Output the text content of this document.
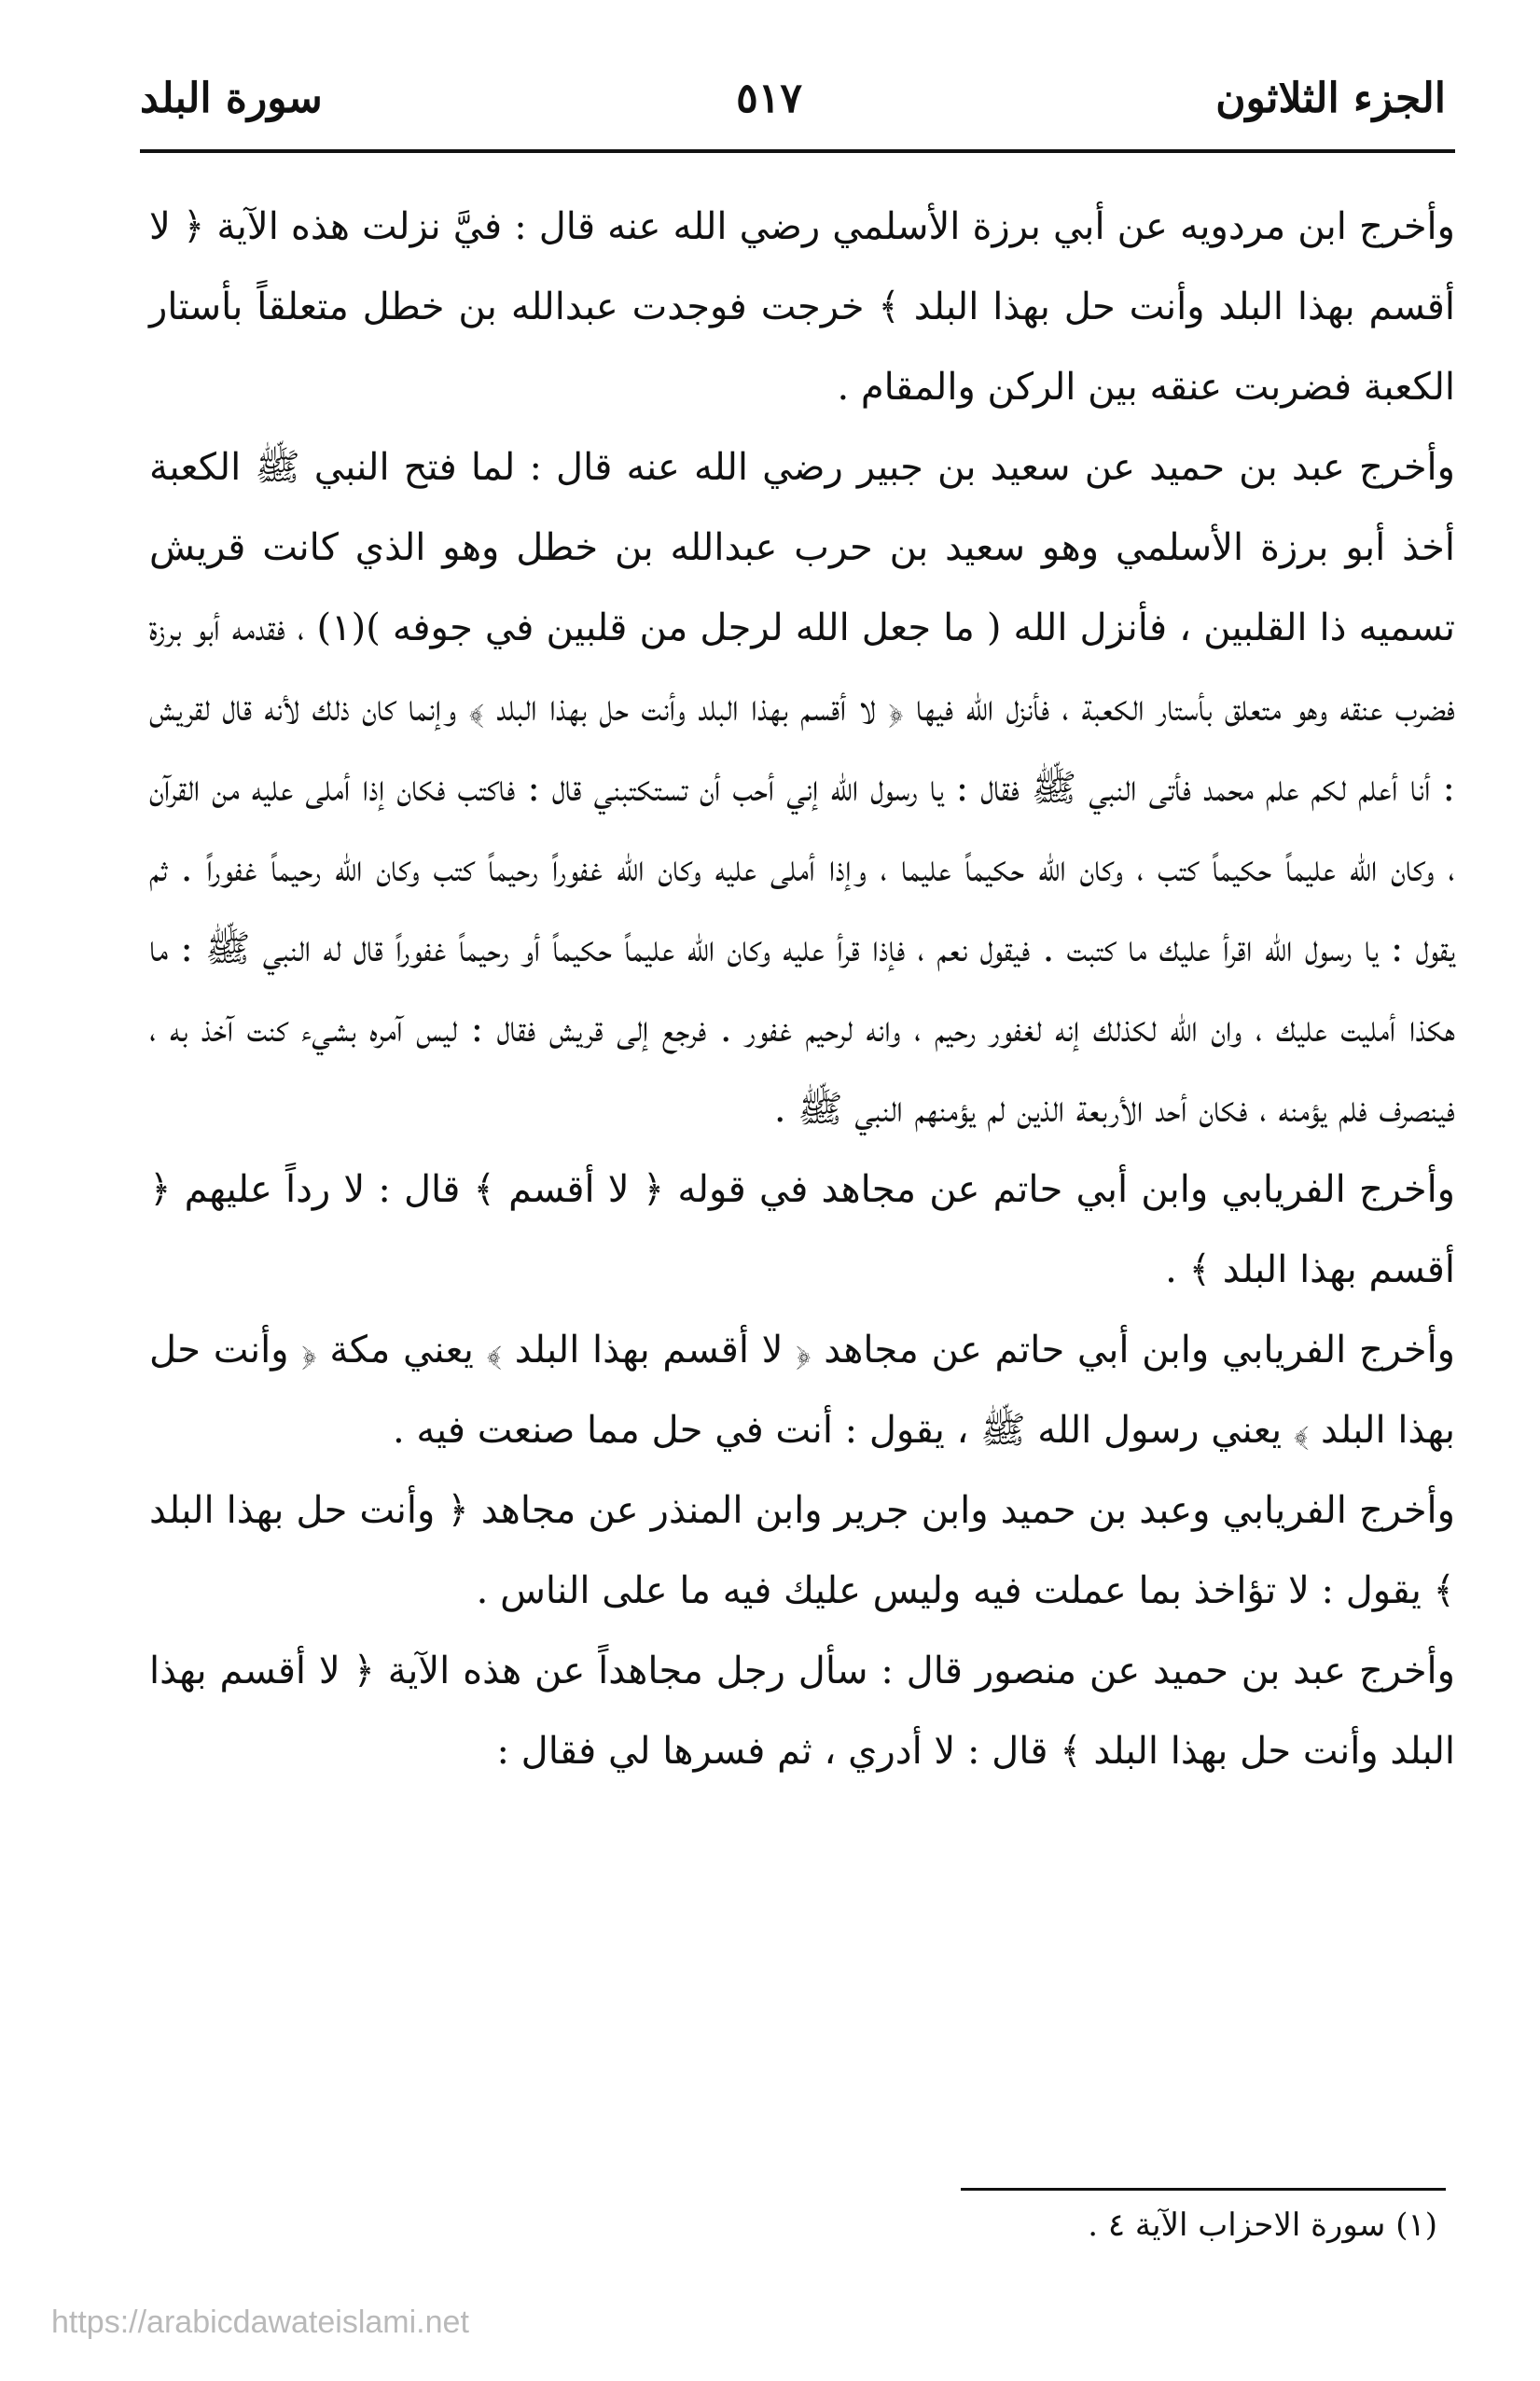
الجزء الثلاثون
٥١٧
سورة البلد

وأخرج ابن مردويه عن أبي برزة الأسلمي رضي الله عنه قال : فيَّ نزلت هذه الآية ﴿ لا أقسم بهذا البلد وأنت حل بهذا البلد ﴾ خرجت فوجدت عبدالله بن خطل متعلقاً بأستار الكعبة فضربت عنقه بين الركن والمقام .

وأخرج عبد بن حميد عن سعيد بن جبير رضي الله عنه قال : لما فتح النبي ﷺ الكعبة أخذ أبو برزة الأسلمي وهو سعيد بن حرب عبدالله بن خطل وهو الذي كانت قريش تسميه ذا القلبين ، فأنزل الله ( ما جعل الله لرجل من قلبين في جوفه )(١) ، فقدمه أبو برزة فضرب عنقه وهو متعلق بأستار الكعبة ، فأنزل الله فيها ﴿ لا أقسم بهذا البلد وأنت حل بهذا البلد ﴾ وإنما كان ذلك لأنه قال لقريش : أنا أعلم لكم علم محمد فأتى النبي ﷺ فقال : يا رسول الله إني أحب أن تستكتبني قال : فاكتب فكان إذا أملى عليه من القرآن ، وكان الله عليماً حكيماً كتب ، وكان الله حكيماً عليما ، وإذا أملى عليه وكان الله غفوراً رحيماً كتب وكان الله رحيماً غفوراً . ثم يقول : يا رسول الله اقرأ عليك ما كتبت . فيقول نعم ، فإذا قرأ عليه وكان الله عليماً حكيماً أو رحيماً غفوراً قال له النبي ﷺ : ما هكذا أمليت عليك ، وان الله لكذلك إنه لغفور رحيم ، وانه لرحيم غفور . فرجع إلى قريش فقال : ليس آمره بشيء كنت آخذ به ، فينصرف فلم يؤمنه ، فكان أحد الأربعة الذين لم يؤمنهم النبي ﷺ .

وأخرج الفريابي وابن أبي حاتم عن مجاهد في قوله ﴿ لا أقسم ﴾ قال : لا رداً عليهم ﴿ أقسم بهذا البلد ﴾ .

وأخرج الفريابي وابن أبي حاتم عن مجاهد ﴿ لا أقسم بهذا البلد ﴾ يعني مكة ﴿ وأنت حل بهذا البلد ﴾ يعني رسول الله ﷺ ، يقول : أنت في حل مما صنعت فيه .

وأخرج الفريابي وعبد بن حميد وابن جرير وابن المنذر عن مجاهد ﴿ وأنت حل بهذا البلد ﴾ يقول : لا تؤاخذ بما عملت فيه وليس عليك فيه ما على الناس .

وأخرج عبد بن حميد عن منصور قال : سأل رجل مجاهداً عن هذه الآية ﴿ لا أقسم بهذا البلد وأنت حل بهذا البلد ﴾ قال : لا أدري ، ثم فسرها لي فقال :

(١) سورة الاحزاب الآية ٤ .
https://arabicdawateislami.net
